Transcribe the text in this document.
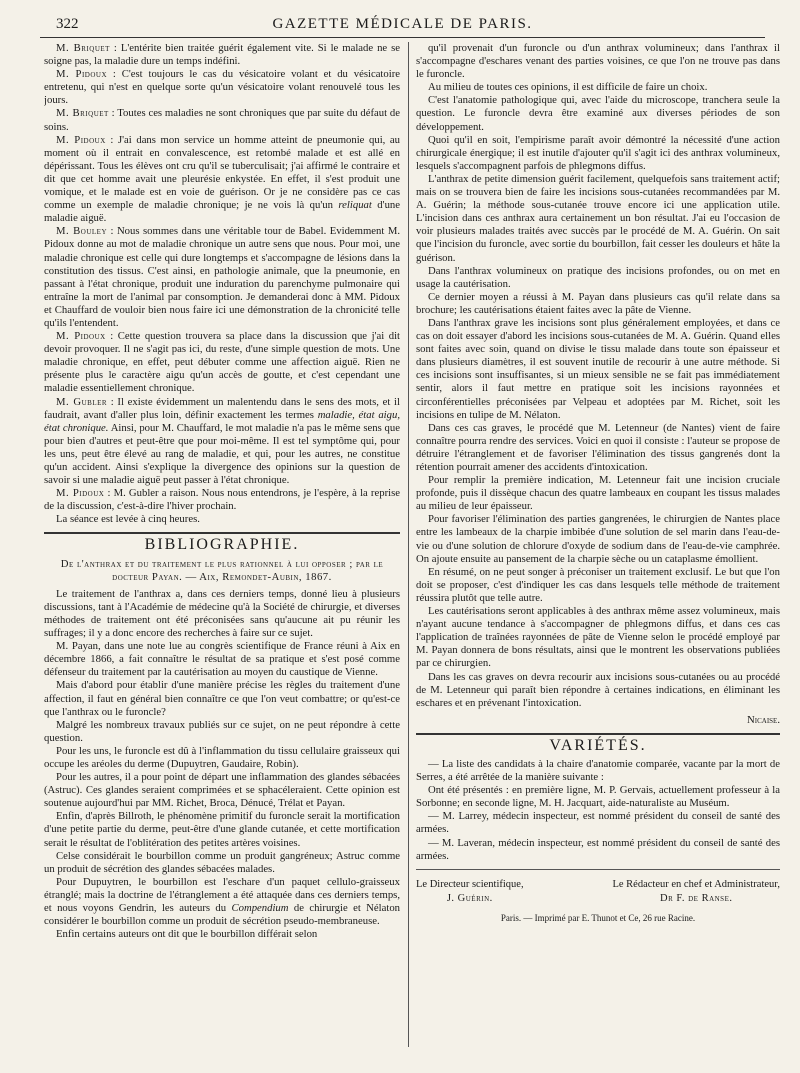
322	GAZETTE MÉDICALE DE PARIS.

M. Briquet : L'entérite bien traitée guérit également vite. Si le malade ne se soigne pas, la maladie dure un temps indéfini.

M. Pidoux : C'est toujours le cas du vésicatoire volant et du vésicatoire entretenu, qui n'est en quelque sorte qu'un vésicatoire volant renouvelé tous les jours.

M. Briquet : Toutes ces maladies ne sont chroniques que par suite du défaut de soins.

M. Pidoux : J'ai dans mon service un homme atteint de pneumonie qui, au moment où il entrait en convalescence, est retombé malade et est allé en dépérissant. Tous les élèves ont cru qu'il se tuberculisait; j'ai affirmé le contraire et dit que cet homme avait une pleurésie enkystée. En effet, il s'est produit une vomique, et le malade est en voie de guérison. Or je ne considère pas ce cas comme un exemple de maladie chronique; je ne vois là qu'un reliquat d'une maladie aiguë.

M. Bouley : Nous sommes dans une véritable tour de Babel. Evidemment M. Pidoux donne au mot de maladie chronique un autre sens que nous. Pour moi, une maladie chronique est celle qui dure longtemps et s'accompagne de lésions dans la constitution des tissus. C'est ainsi, en pathologie animale, que la pneumonie, en passant à l'état chronique, produit une induration du parenchyme pulmonaire qui entraîne la mort de l'animal par consomption. Je demanderai donc à MM. Pidoux et Chauffard de vouloir bien nous faire ici une démonstration de la chronicité telle qu'ils l'entendent.

M. Pidoux : Cette question trouvera sa place dans la discussion que j'ai dit devoir provoquer. Il ne s'agit pas ici, du reste, d'une simple question de mots. Une maladie chronique, en effet, peut débuter comme une affection aiguë. Rien ne présente plus le caractère aigu qu'un accès de goutte, et c'est cependant une maladie essentiellement chronique.

M. Gubler : Il existe évidemment un malentendu dans le sens des mots, et il faudrait, avant d'aller plus loin, définir exactement les termes maladie, état aigu, état chronique. Ainsi, pour M. Chauffard, le mot maladie n'a pas le même sens que pour bien d'autres et peut-être que pour moi-même. Il est tel symptôme qui, pour les uns, peut être élevé au rang de maladie, et qui, pour les autres, ne constitue qu'un accident. Ainsi s'explique la divergence des opinions sur la question de savoir si une maladie aiguë peut passer à l'état chronique.

M. Pidoux : M. Gubler a raison. Nous nous entendrons, je l'espère, à la reprise de la discussion, c'est-à-dire l'hiver prochain.

La séance est levée à cinq heures.

BIBLIOGRAPHIE.

De l'anthrax et du traitement le plus rationnel à lui opposer ; par le docteur Payan. — Aix, Remondet-Aubin, 1867.

Le traitement de l'anthrax a, dans ces derniers temps, donné lieu à plusieurs discussions, tant à l'Académie de médecine qu'à la Société de chirurgie, et diverses méthodes de traitement ont été préconisées sans qu'aucune ait pu réunir les suffrages; il y a donc encore des recherches à faire sur ce sujet.

M. Payan, dans une note lue au congrès scientifique de France réuni à Aix en décembre 1866, a fait connaître le résultat de sa pratique et s'est posé comme défenseur du traitement par la cautérisation au moyen du caustique de Vienne.

Mais d'abord pour établir d'une manière précise les règles du traitement d'une affection, il faut en général bien connaître ce que l'on veut combattre; or qu'est-ce que l'anthrax ou le furoncle?

Malgré les nombreux travaux publiés sur ce sujet, on ne peut répondre à cette question.

Pour les uns, le furoncle est dû à l'inflammation du tissu cellulaire graisseux qui occupe les aréoles du derme (Dupuytren, Gaudaire, Robin).

Pour les autres, il a pour point de départ une inflammation des glandes sébacées (Astruc). Ces glandes seraient comprimées et se sphacéleraient. Cette opinion est soutenue aujourd'hui par MM. Richet, Broca, Dénucé, Trélat et Payan.

Enfin, d'après Billroth, le phénomène primitif du furoncle serait la mortification d'une petite partie du derme, peut-être d'une glande cutanée, et cette mortification serait le résultat de l'oblitération des petites artères voisines.

Celse considérait le bourbillon comme un produit gangréneux; Astruc comme un produit de sécrétion des glandes sébacées malades.

Pour Dupuytren, le bourbillon est l'eschare d'un paquet cellulo-graisseux étranglé; mais la doctrine de l'étranglement a été attaquée dans ces derniers temps, et nous voyons Gendrin, les auteurs du Compendium de chirurgie et Nélaton considérer le bourbillon comme un produit de sécrétion pseudo-membraneuse.

Enfin certains auteurs ont dit que le bourbillon différait selon

qu'il provenait d'un furoncle ou d'un anthrax volumineux; dans l'anthrax il s'accompagne d'eschares venant des parties voisines, ce que l'on ne trouve pas dans le furoncle.

Au milieu de toutes ces opinions, il est difficile de faire un choix.

C'est l'anatomie pathologique qui, avec l'aide du microscope, tranchera seule la question. Le furoncle devra être examiné aux diverses périodes de son développement.

Quoi qu'il en soit, l'empirisme paraît avoir démontré la nécessité d'une action chirurgicale énergique; il est inutile d'ajouter qu'il s'agit ici des anthrax volumineux, lesquels s'accompagnent parfois de phlegmons diffus.

L'anthrax de petite dimension guérit facilement, quelquefois sans traitement actif; mais on se trouvera bien de faire les incisions sous-cutanées recommandées par M. A. Guérin; la méthode sous-cutanée trouve encore ici une application utile. L'incision dans ces anthrax aura certainement un bon résultat. J'ai eu l'occasion de voir plusieurs malades traités avec succès par le procédé de M. A. Guérin. On sait que l'incision du furoncle, avec sortie du bourbillon, fait cesser les douleurs et hâte la guérison.

Dans l'anthrax volumineux on pratique des incisions profondes, ou on met en usage la cautérisation.

Ce dernier moyen a réussi à M. Payan dans plusieurs cas qu'il relate dans sa brochure; les cautérisations étaient faites avec la pâte de Vienne.

Dans l'anthrax grave les incisions sont plus généralement employées, et dans ce cas on doit essayer d'abord les incisions sous-cutanées de M. A. Guérin. Quand elles sont faites avec soin, quand on divise le tissu malade dans toute son épaisseur et dans plusieurs diamètres, il est souvent inutile de recourir à une autre méthode. Si ces incisions sont insuffisantes, si un mieux sensible ne se fait pas immédiatement sentir, alors il faut mettre en pratique soit les incisions rayonnées et circonférentielles préconisées par Velpeau et adoptées par M. Richet, soit les incisions en tulipe de M. Nélaton.

Dans ces cas graves, le procédé que M. Letenneur (de Nantes) vient de faire connaître pourra rendre des services. Voici en quoi il consiste : l'auteur se propose de détruire l'étranglement et de favoriser l'élimination des tissus gangrenés dont la rétention pourrait amener des accidents d'intoxication.

Pour remplir la première indication, M. Letenneur fait une incision cruciale profonde, puis il dissèque chacun des quatre lambeaux en coupant les tissus malades au milieu de leur épaisseur.

Pour favoriser l'élimination des parties gangrenées, le chirurgien de Nantes place entre les lambeaux de la charpie imbibée d'une solution de sel marin dans l'eau-de-vie ou d'une solution de chlorure d'oxyde de sodium dans de l'eau-de-vie camphrée. On ajoute ensuite au pansement de la charpie sèche ou un cataplasme émollient.

En résumé, on ne peut songer à préconiser un traitement exclusif. Le but que l'on doit se proposer, c'est d'indiquer les cas dans lesquels telle méthode de traitement réussira plutôt que telle autre.

Les cautérisations seront applicables à des anthrax même assez volumineux, mais n'ayant aucune tendance à s'accompagner de phlegmons diffus, et dans ces cas l'application de traînées rayonnées de pâte de Vienne selon le procédé employé par M. Payan donnera de bons résultats, ainsi que le montrent les observations publiées par ce chirurgien.

Dans les cas graves on devra recourir aux incisions sous-cutanées ou au procédé de M. Letenneur qui paraît bien répondre à certaines indications, en éliminant les eschares et en prévenant l'intoxication.

Nicaise.
VARIÉTÉS.

— La liste des candidats à la chaire d'anatomie comparée, vacante par la mort de Serres, a été arrêtée de la manière suivante :

Ont été présentés : en première ligne, M. P. Gervais, actuellement professeur à la Sorbonne; en seconde ligne, M. H. Jacquart, aide-naturaliste au Muséum.

— M. Larrey, médecin inspecteur, est nommé président du conseil de santé des armées.

— M. Laveran, médecin inspecteur, est nommé président du conseil de santé des armées.

Le Directeur scientifique,
J. Guérin.
Le Rédacteur en chef et Administrateur,
Dr F. de Ranse.
Paris. — Imprimé par E. Thunot et Ce, 26 rue Racine.
